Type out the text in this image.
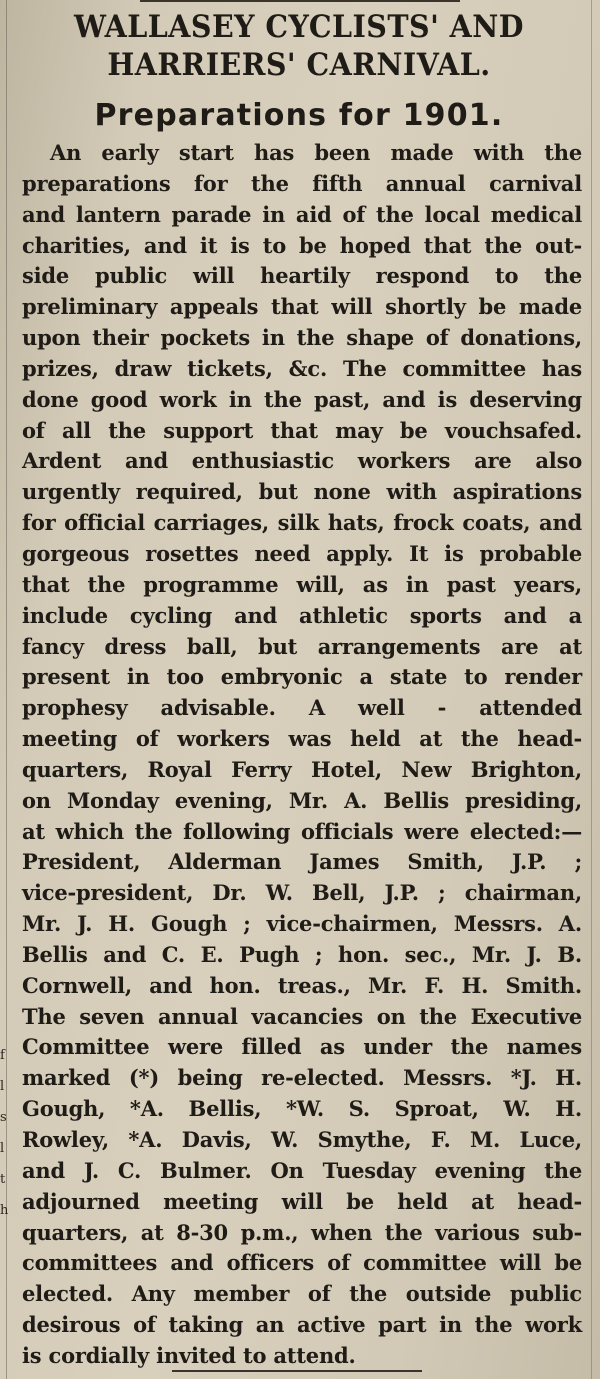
f
l
s
l
t
h
WALLASEY CYCLISTS' AND
HARRIERS' CARNIVAL.
Preparations for 1901.
An early start has been made with the
preparations for the fifth annual carnival
and lantern parade in aid of the local medical
charities, and it is to be hoped that the out-
side public will heartily respond to the
preliminary appeals that will shortly be made
upon their pockets in the shape of donations,
prizes, draw tickets, &c. The committee has
done good work in the past, and is deserving
of all the support that may be vouchsafed.
Ardent and enthusiastic workers are also
urgently required, but none with aspirations
for official carriages, silk hats, frock coats, and
gorgeous rosettes need apply. It is probable
that the programme will, as in past years,
include cycling and athletic sports and a
fancy dress ball, but arrangements are at
present in too embryonic a state to render
prophesy advisable. A well - attended
meeting of workers was held at the head-
quarters, Royal Ferry Hotel, New Brighton,
on Monday evening, Mr. A. Bellis presiding,
at which the following officials were elected:—
President, Alderman James Smith, J.P. ;
vice-president, Dr. W. Bell, J.P. ; chairman,
Mr. J. H. Gough ; vice-chairmen, Messrs. A.
Bellis and C. E. Pugh ; hon. sec., Mr. J. B.
Cornwell, and hon. treas., Mr. F. H. Smith.
The seven annual vacancies on the Executive
Committee were filled as under the names
marked (*) being re-elected. Messrs. *J. H.
Gough, *A. Bellis, *W. S. Sproat, W. H.
Rowley, *A. Davis, W. Smythe, F. M. Luce,
and J. C. Bulmer. On Tuesday evening the
adjourned meeting will be held at head-
quarters, at 8-30 p.m., when the various sub-
committees and officers of committee will be
elected. Any member of the outside public
desirous of taking an active part in the work
is cordially invited to attend.
